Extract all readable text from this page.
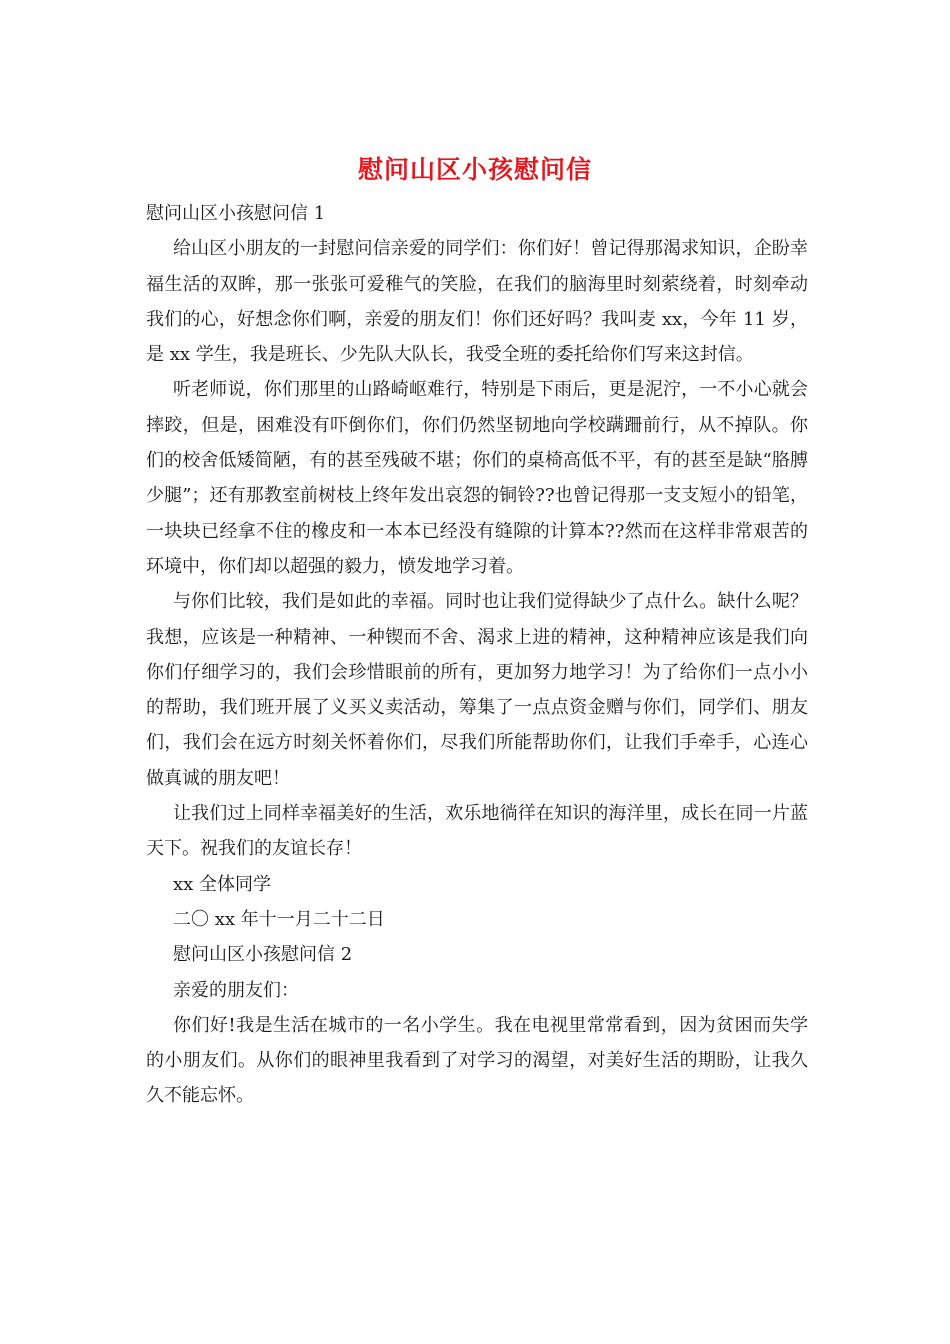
慰问山区小孩慰问信

慰问山区小孩慰问信 1

给山区小朋友的一封慰问信亲爱的同学们：你们好！曾记得那渴求知识，企盼幸福生活的双眸，那一张张可爱稚气的笑脸，在我们的脑海里时刻萦绕着，时刻牵动我们的心，好想念你们啊，亲爱的朋友们！你们还好吗？我叫麦 xx，今年 11 岁，是 xx 学生，我是班长、少先队大队长，我受全班的委托给你们写来这封信。

听老师说，你们那里的山路崎岖难行，特别是下雨后，更是泥泞，一不小心就会摔跤，但是，困难没有吓倒你们，你们仍然坚韧地向学校蹒跚前行，从不掉队。你们的校舍低矮简陋，有的甚至残破不堪；你们的桌椅高低不平，有的甚至是缺“胳膊少腿”；还有那教室前树枝上终年发出哀怨的铜铃??也曾记得那一支支短小的铅笔，一块块已经拿不住的橡皮和一本本已经没有缝隙的计算本??然而在这样非常艰苦的环境中，你们却以超强的毅力，愤发地学习着。

与你们比较，我们是如此的幸福。同时也让我们觉得缺少了点什么。缺什么呢？我想，应该是一种精神、一种锲而不舍、渴求上进的精神，这种精神应该是我们向你们仔细学习的，我们会珍惜眼前的所有，更加努力地学习！为了给你们一点小小的帮助，我们班开展了义买义卖活动，筹集了一点点资金赠与你们，同学们、朋友们，我们会在远方时刻关怀着你们，尽我们所能帮助你们，让我们手牵手，心连心做真诚的朋友吧！

让我们过上同样幸福美好的生活，欢乐地徜徉在知识的海洋里，成长在同一片蓝天下。祝我们的友谊长存！

xx 全体同学

二〇 xx 年十一月二十二日

慰问山区小孩慰问信 2

亲爱的朋友们：

你们好!我是生活在城市的一名小学生。我在电视里常常看到，因为贫困而失学的小朋友们。从你们的眼神里我看到了对学习的渴望，对美好生活的期盼，让我久久不能忘怀。
